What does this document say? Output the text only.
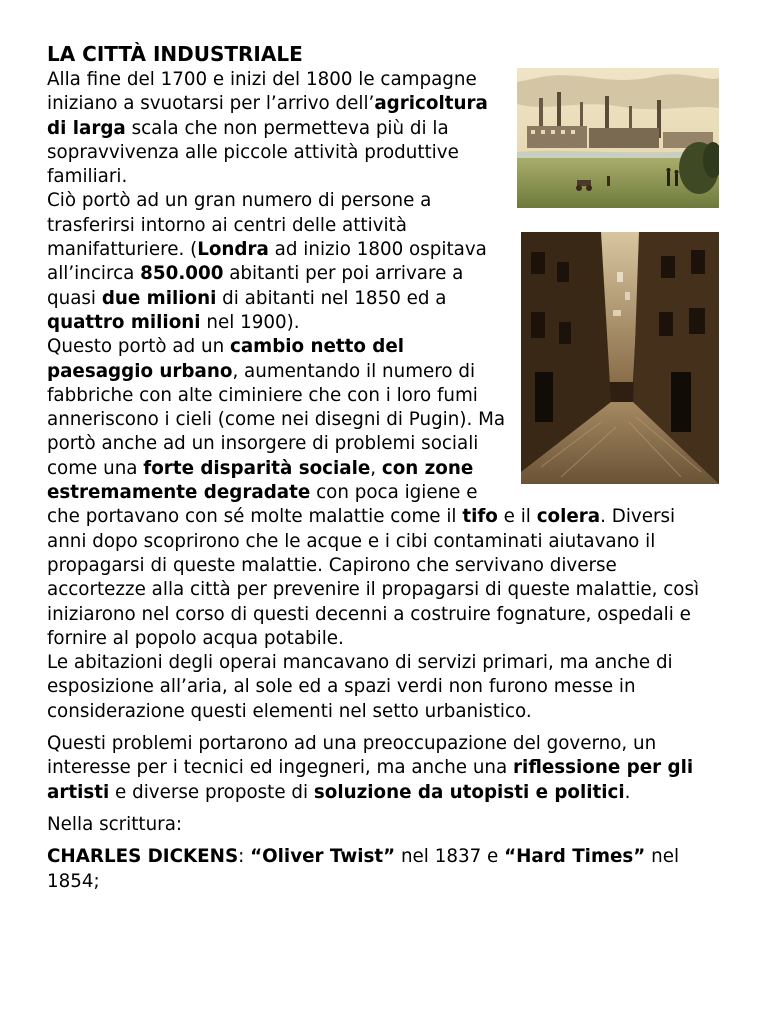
LA CITTÀ INDUSTRIALE

Alla fine del 1700 e inizi del 1800 le campagne iniziano a svuotarsi per l’arrivo dell’agricoltura di larga scala che non permetteva più di la sopravvivenza alle piccole attività produttive familiari.

Ciò portò ad un gran numero di persone a trasferirsi intorno ai centri delle attività manifatturiere. (Londra ad inizio 1800 ospitava all’incirca 850.000 abitanti per poi arrivare a quasi due milioni di abitanti nel 1850 ed a quattro milioni nel 1900).

Questo portò ad un cambio netto del paesaggio urbano, aumentando il numero di fabbriche con alte ciminiere che con i loro fumi anneriscono i cieli (come nei disegni di Pugin). Ma portò anche ad un insorgere di problemi sociali come una forte disparità sociale, con zone estremamente degradate con poca igiene e che portavano con sé molte malattie come il tifo e il colera. Diversi anni dopo scoprirono che le acque e i cibi contaminati aiutavano il propagarsi di queste malattie. Capirono che servivano diverse accortezze alla città per prevenire il propagarsi di queste malattie, così iniziarono nel corso di questi decenni a costruire fognature, ospedali e fornire al popolo acqua potabile.

Le abitazioni degli operai mancavano di servizi primari, ma anche di esposizione all’aria, al sole ed a spazi verdi non furono messe in considerazione questi elementi nel setto urbanistico.

Questi problemi portarono ad una preoccupazione del governo, un interesse per i tecnici ed ingegneri, ma anche una riflessione per gli artisti e diverse proposte di soluzione da utopisti e politici.

Nella scrittura:

CHARLES DICKENS: “Oliver Twist” nel 1837 e “Hard Times” nel 1854;
